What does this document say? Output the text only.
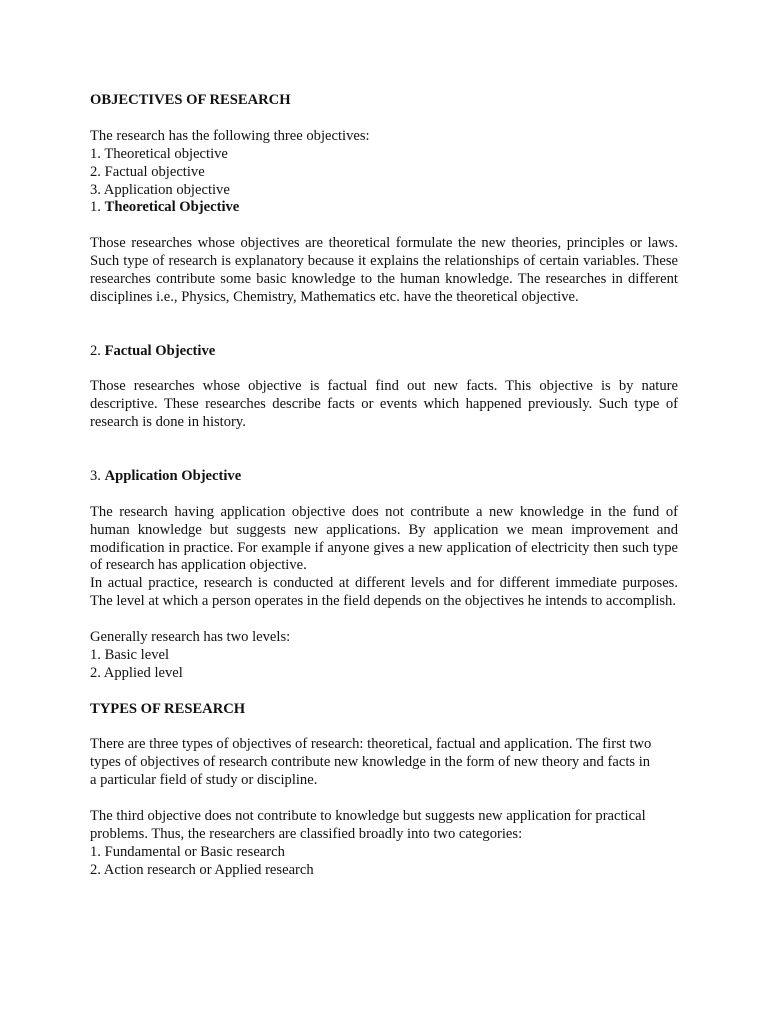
OBJECTIVES OF RESEARCH

The research has the following three objectives:

1. Theoretical objective

2. Factual objective

3. Application objective

1. Theoretical Objective

Those researches whose objectives are theoretical formulate the new theories, principles or laws. Such type of research is explanatory because it explains the relationships of certain variables. These researches contribute some basic knowledge to the human knowledge. The researches in different disciplines i.e., Physics, Chemistry, Mathematics etc. have the theoretical objective.

2. Factual Objective

Those researches whose objective is factual find out new facts. This objective is by nature descriptive. These researches describe facts or events which happened previously. Such type of research is done in history.

3. Application Objective

The research having application objective does not contribute a new knowledge in the fund of human knowledge but suggests new applications. By application we mean improvement and modification in practice. For example if anyone gives a new application of electricity then such type of research has application objective.

In actual practice, research is conducted at different levels and for different immediate purposes. The level at which a person operates in the field depends on the objectives he intends to accomplish.

Generally research has two levels:

1. Basic level

2. Applied level

TYPES OF RESEARCH

There are three types of objectives of research: theoretical, factual and application. The first two

types of objectives of research contribute new knowledge in the form of new theory and facts in

a particular field of study or discipline.

The third objective does not contribute to knowledge but suggests new application for practical

problems. Thus, the researchers are classified broadly into two categories:

1. Fundamental or Basic research

2. Action research or Applied research
